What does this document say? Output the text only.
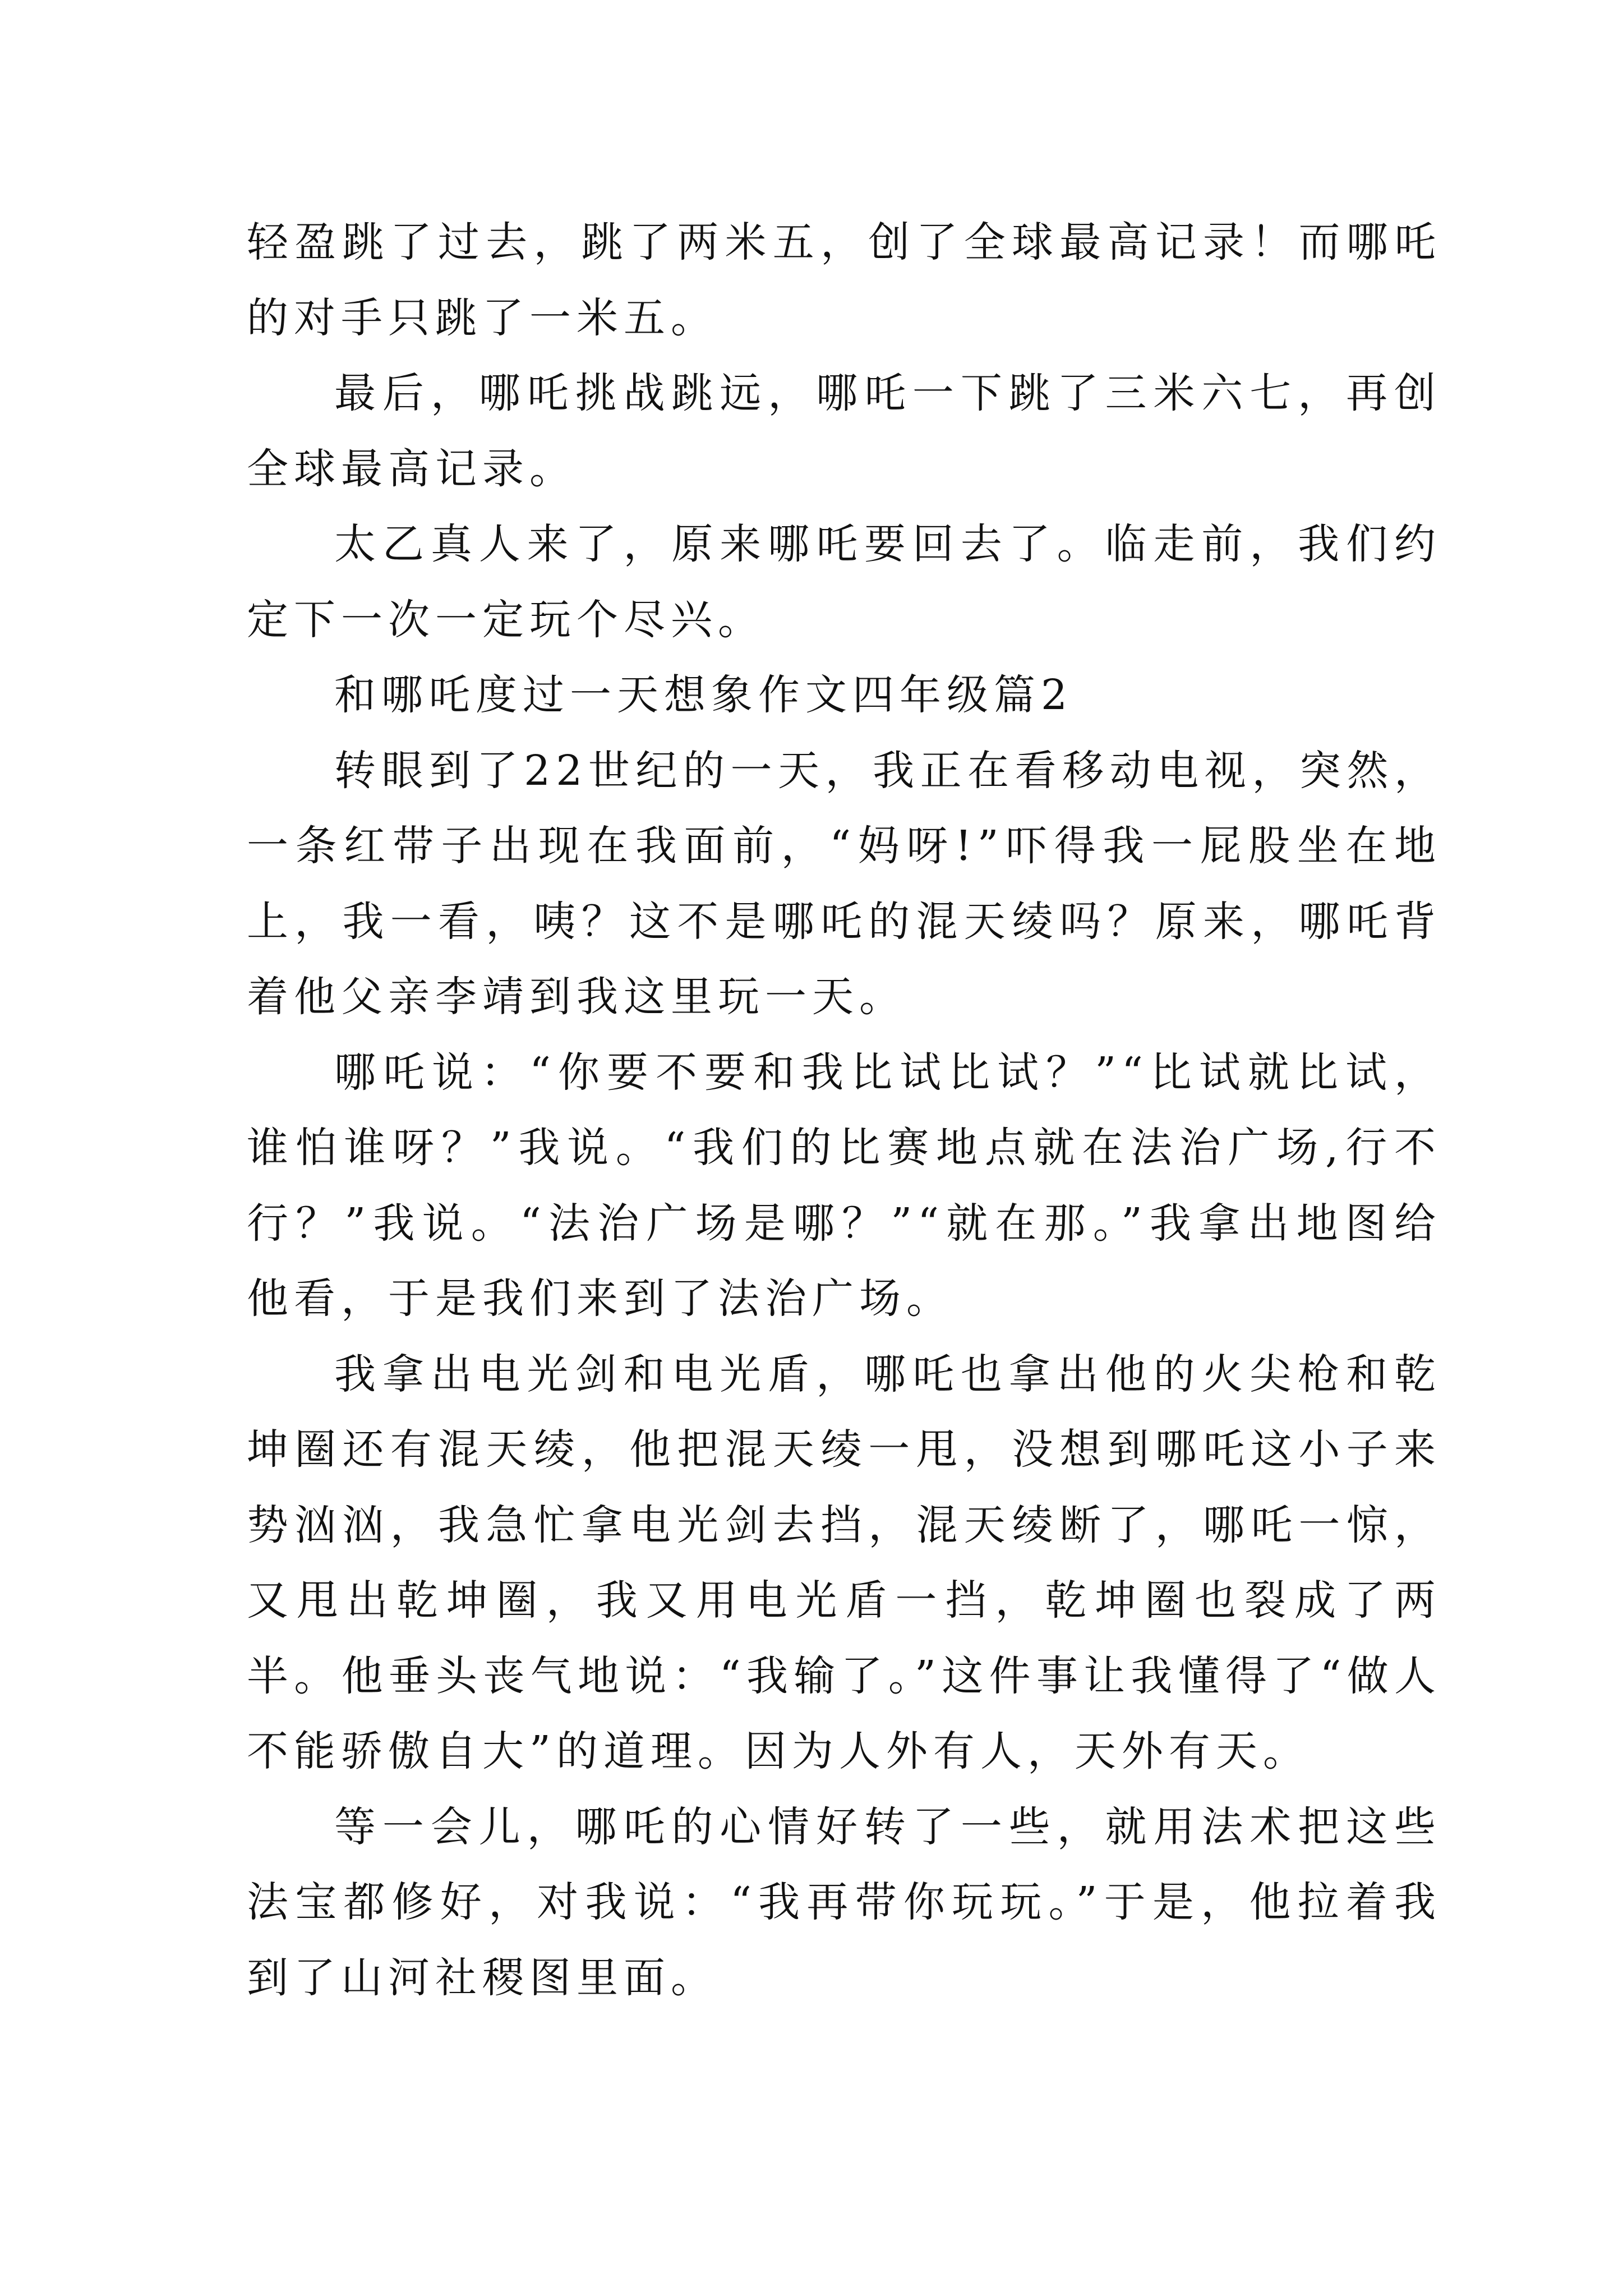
轻盈跳了过去，跳了两米五，创了全球最高记录！而哪吒的对手只跳了一米五。

最后，哪吒挑战跳远，哪吒一下跳了三米六七，再创全球最高记录。

太乙真人来了，原来哪吒要回去了。临走前，我们约定下一次一定玩个尽兴。

和哪吒度过一天想象作文四年级篇2

转眼到了22世纪的一天，我正在看移动电视，突然，一条红带子出现在我面前，“妈呀!”吓得我一屁股坐在地上，我一看，咦？这不是哪吒的混天绫吗？原来，哪吒背着他父亲李靖到我这里玩一天。

哪吒说：“你要不要和我比试比试？”“比试就比试，谁怕谁呀？”我说。“我们的比赛地点就在法治广场,行不行？”我说。“法治广场是哪？”“就在那。”我拿出地图给他看，于是我们来到了法治广场。

我拿出电光剑和电光盾，哪吒也拿出他的火尖枪和乾坤圈还有混天绫，他把混天绫一甩，没想到哪吒这小子来势汹汹，我急忙拿电光剑去挡，混天绫断了，哪吒一惊，又甩出乾坤圈，我又用电光盾一挡，乾坤圈也裂成了两半。他垂头丧气地说：“我输了。”这件事让我懂得了“做人不能骄傲自大”的道理。因为人外有人，天外有天。

等一会儿，哪吒的心情好转了一些，就用法术把这些法宝都修好，对我说：“我再带你玩玩。”于是，他拉着我到了山河社稷图里面。
